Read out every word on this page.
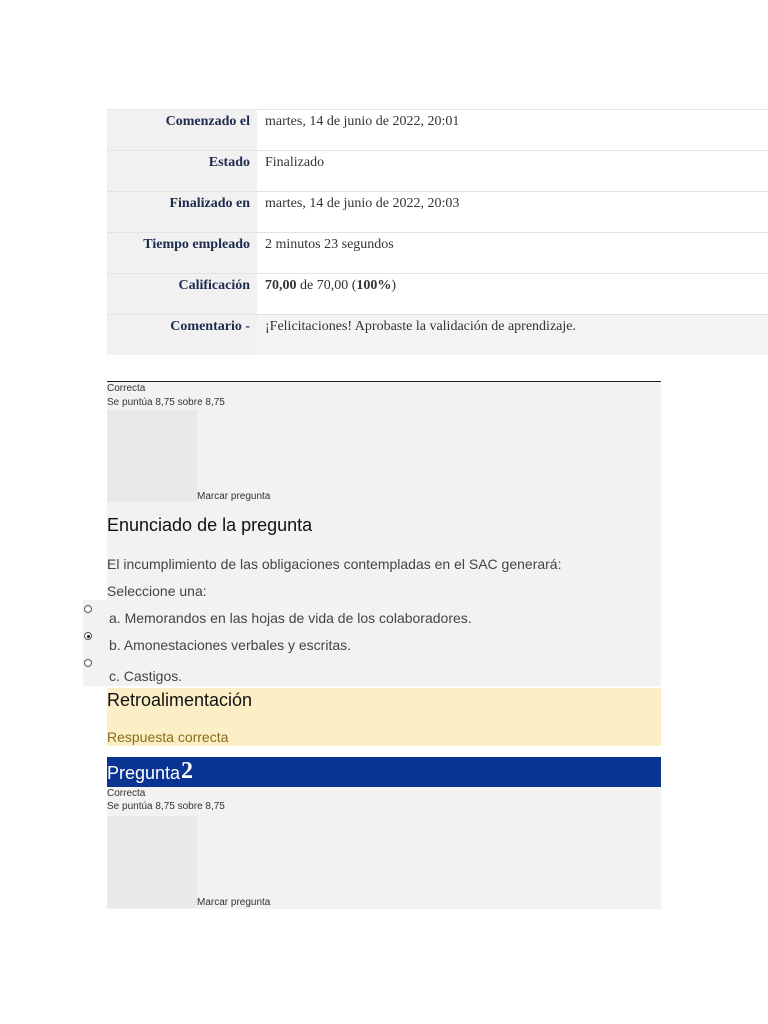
Comenzado el	martes, 14 de junio de 2022, 20:01
Estado	Finalizado
Finalizado en	martes, 14 de junio de 2022, 20:03
Tiempo empleado	2 minutos 23 segundos
Calificación	70,00 de 70,00 (100%)
Comentario -	¡Felicitaciones! Aprobaste la validación de aprendizaje.
Correcta
Se puntúa 8,75 sobre 8,75
Marcar pregunta
Enunciado de la pregunta
El incumplimiento de las obligaciones contempladas en el SAC generará:
Seleccione una:
a. Memorandos en las hojas de vida de los colaboradores.
b. Amonestaciones verbales y escritas.
c. Castigos.
Retroalimentación
Respuesta correcta
Pregunta 2
Correcta
Se puntúa 8,75 sobre 8,75
Marcar pregunta
